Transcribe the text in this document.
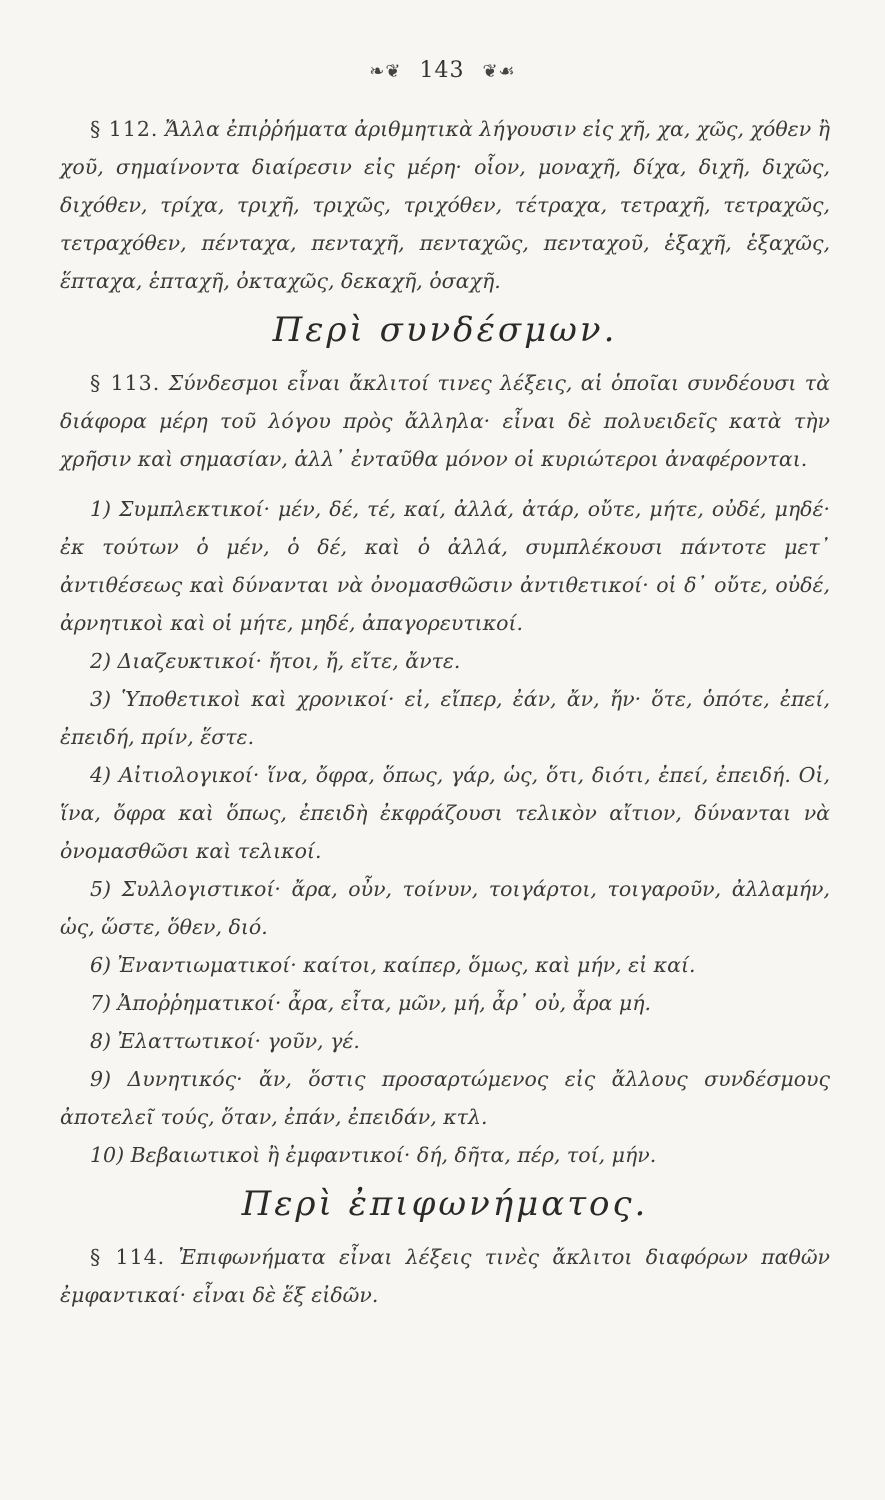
❧❦ 143 ❦☙

§ 112. Ἄλλα ἐπιῤῥήματα ἀριθμητικὰ λήγουσιν εἰς χῆ, χα, χῶς, χόθεν ἢ χοῦ, σημαίνοντα διαίρεσιν εἰς μέρη· οἷον, μοναχῆ, δίχα, διχῆ, διχῶς, διχόθεν, τρίχα, τριχῆ, τριχῶς, τριχόθεν, τέτραχα, τετραχῆ, τετραχῶς, τετραχόθεν, πένταχα, πενταχῆ, πενταχῶς, πενταχοῦ, ἑξαχῆ, ἑξαχῶς, ἕπταχα, ἑπταχῆ, ὀκταχῶς, δεκαχῆ, ὁσαχῆ.

Περὶ συνδέσμων.

§ 113. Σύνδεσμοι εἶναι ἄκλιτοί τινες λέξεις, αἱ ὁποῖαι συνδέουσι τὰ διάφορα μέρη τοῦ λόγου πρὸς ἄλληλα· εἶναι δὲ πολυειδεῖς κατὰ τὴν χρῆσιν καὶ σημασίαν, ἀλλ᾽ ἐνταῦθα μόνον οἱ κυριώτεροι ἀναφέρονται.

1) Συμπλεκτικοί· μέν, δέ, τέ, καί, ἀλλά, ἀτάρ, οὔτε, μήτε, οὐδέ, μηδέ· ἐκ τούτων ὁ μέν, ὁ δέ, καὶ ὁ ἀλλά, συμπλέκουσι πάντοτε μετ᾽ ἀντιθέσεως καὶ δύνανται νὰ ὀνομασθῶσιν ἀντιθετικοί· οἱ δ᾽ οὔτε, οὐδέ, ἀρνητικοὶ καὶ οἱ μήτε, μηδέ, ἀπαγορευτικοί.

2) Διαζευκτικοί· ἤτοι, ἤ, εἴτε, ἄντε.

3) Ὑποθετικοὶ καὶ χρονικοί· εἰ, εἴπερ, ἐάν, ἄν, ἤν· ὅτε, ὁπότε, ἐπεί, ἐπειδή, πρίν, ἕστε.

4) Αἰτιολογικοί· ἵνα, ὄφρα, ὅπως, γάρ, ὡς, ὅτι, διότι, ἐπεί, ἐπειδή. Οἱ, ἵνα, ὄφρα καὶ ὅπως, ἐπειδὴ ἐκφράζουσι τελικὸν αἴτιον, δύνανται νὰ ὀνομασθῶσι καὶ τελικοί.

5) Συλλογιστικοί· ἄρα, οὖν, τοίνυν, τοιγάρτοι, τοιγαροῦν, ἀλλαμήν, ὡς, ὥστε, ὅθεν, διό.

6) Ἐναντιωματικοί· καίτοι, καίπερ, ὅμως, καὶ μήν, εἰ καί.

7) Ἀποῤῥηματικοί· ἆρα, εἶτα, μῶν, μή, ἆρ᾽ οὐ, ἆρα μή.

8) Ἐλαττωτικοί· γοῦν, γέ.

9) Δυνητικός· ἄν, ὅστις προσαρτώμενος εἰς ἄλλους συνδέσμους ἀποτελεῖ τούς, ὅταν, ἐπάν, ἐπειδάν, κτλ.

10) Βεβαιωτικοὶ ἢ ἐμφαντικοί· δή, δῆτα, πέρ, τοί, μήν.

Περὶ ἐπιφωνήματος.

§ 114. Ἐπιφωνήματα εἶναι λέξεις τινὲς ἄκλιτοι διαφόρων παθῶν ἐμφαντικαί· εἶναι δὲ ἕξ εἰδῶν.
